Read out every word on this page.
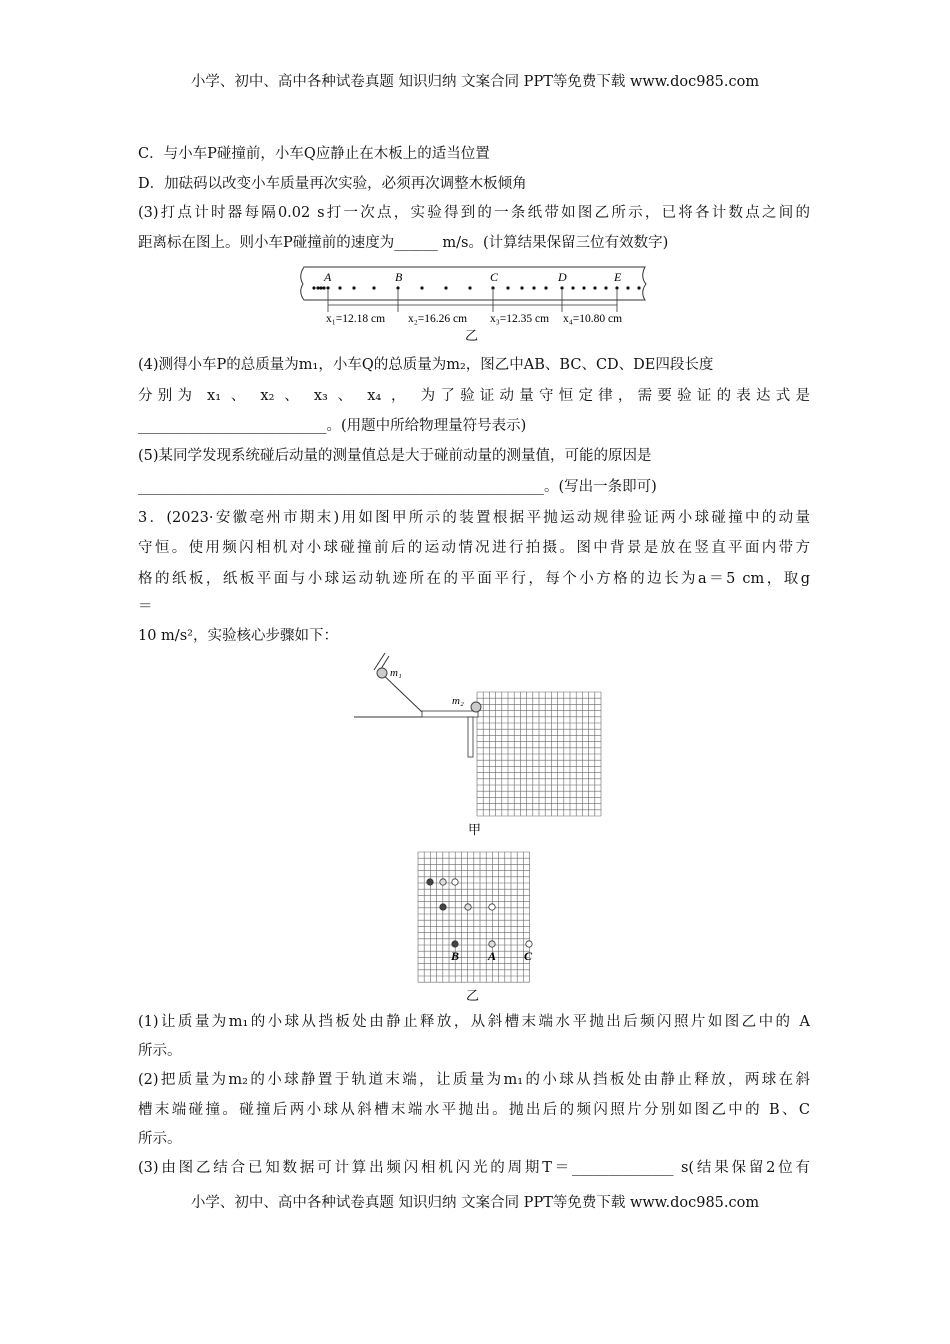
小学、初中、高中各种试卷真题 知识归纳 文案合同 PPT等免费下载 www.doc985.com
C．与小车P碰撞前，小车Q应静止在木板上的适当位置
D．加砝码以改变小车质量再次实验，必须再次调整木板倾角
(3)打点计时器每隔0.02 s打一次点，实验得到的一条纸带如图乙所示，已将各计数点之间的
距离标在图上。则小车P碰撞前的速度为______ m/s。(计算结果保留三位有效数字)
A	B	C	D	E
x₁=12.18 cm x₂=16.26 cm x₃=12.35 cm x₄=10.80 cm
乙
(4)测得小车P的总质量为m₁，小车Q的总质量为m₂，图乙中AB、BC、CD、DE四段长度
分别为 x₁ 、 x₂ 、 x₃ 、 x₄ ， 为了验证动量守恒定律，需要验证的表达式是
__________________________。(用题中所给物理量符号表示)
(5)某同学发现系统碰后动量的测量值总是大于碰前动量的测量值，可能的原因是
________________________________________________________。(写出一条即可)
3．(2023·安徽亳州市期末)用如图甲所示的装置根据平抛运动规律验证两小球碰撞中的动量
守恒。使用频闪相机对小球碰撞前后的运动情况进行拍摄。图中背景是放在竖直平面内带方
格的纸板，纸板平面与小球运动轨迹所在的平面平行，每个小方格的边长为a＝5 cm，取g
＝
10 m/s²，实验核心步骤如下：
m₁
m₂
甲
B A C
乙
(1)让质量为m₁的小球从挡板处由静止释放，从斜槽末端水平抛出后频闪照片如图乙中的 A
所示。
(2)把质量为m₂的小球静置于轨道末端，让质量为m₁的小球从挡板处由静止释放，两球在斜
槽末端碰撞。碰撞后两小球从斜槽末端水平抛出。抛出后的频闪照片分别如图乙中的 B、C
所示。
(3)由图乙结合已知数据可计算出频闪相机闪光的周期T＝______________ s(结果保留2位有
小学、初中、高中各种试卷真题 知识归纳 文案合同 PPT等免费下载 www.doc985.com
